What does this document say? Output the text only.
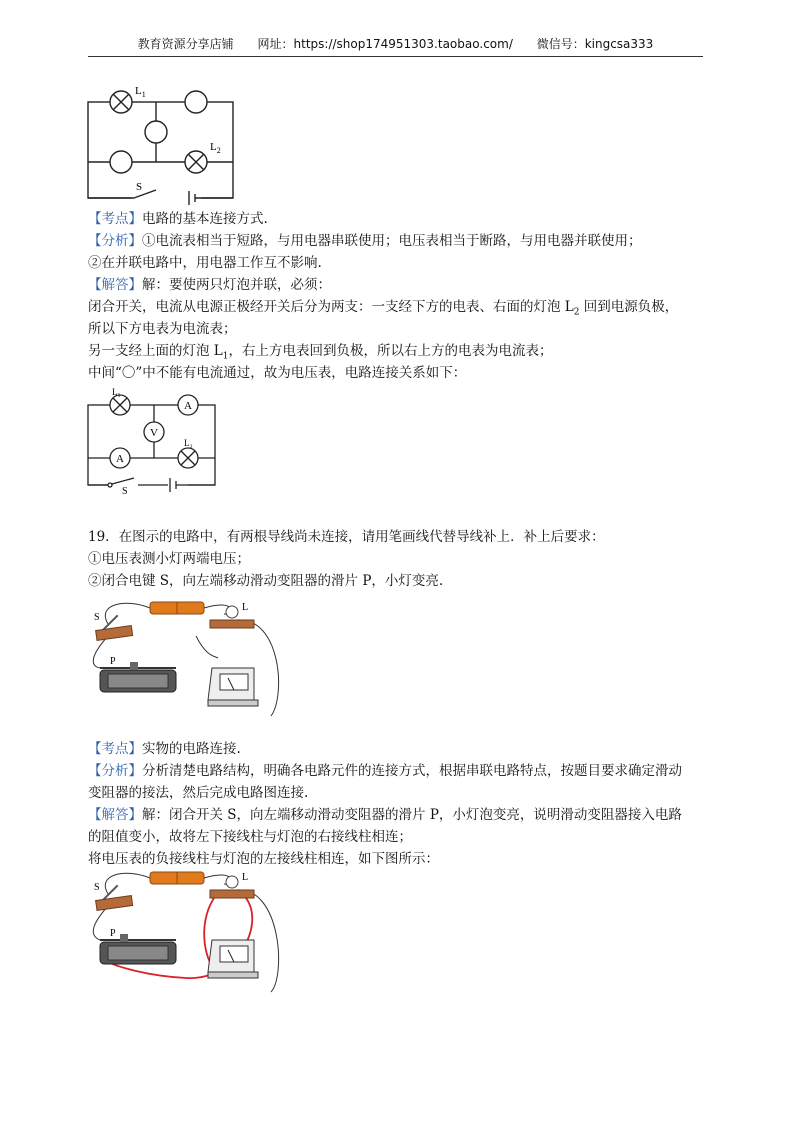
教育资源分享店铺 网址：https://shop174951303.taobao.com/ 微信号：kingcsa333
$L_1$
$L_2$
S
【考点】电路的基本连接方式.
【分析】①电流表相当于短路，与用电器串联使用；电压表相当于断路，与用电器并联使用；
②在并联电路中，用电器工作互不影响.
【解答】解：要使两只灯泡并联，必须：
闭合开关，电流从电源正极经开关后分为两支：一支经下方的电表、右面的灯泡 $L_2$ 回到电源负极，
所以下方电表为电流表；
另一支经上面的灯泡 $L_1$，右上方电表回到负极，所以右上方的电表为电流表；
中间“〇”中不能有电流通过，故为电压表，电路连接关系如下：
A
V
A
L₁
L₂
S
19．在图示的电路中，有两根导线尚未连接，请用笔画线代替导线补上．补上后要求：
①电压表测小灯两端电压；
②闭合电键 S，向左端移动滑动变阻器的滑片 P，小灯变亮.
L
S
P
【考点】实物的电路连接.
【分析】分析清楚电路结构，明确各电路元件的连接方式，根据串联电路特点，按题目要求确定滑动
变阻器的接法，然后完成电路图连接.
【解答】解：闭合开关 S，向左端移动滑动变阻器的滑片 P，小灯泡变亮，说明滑动变阻器接入电路
的阻值变小，故将左下接线柱与灯泡的右接线柱相连；
将电压表的负接线柱与灯泡的左接线柱相连，如下图所示：
L
S
P
